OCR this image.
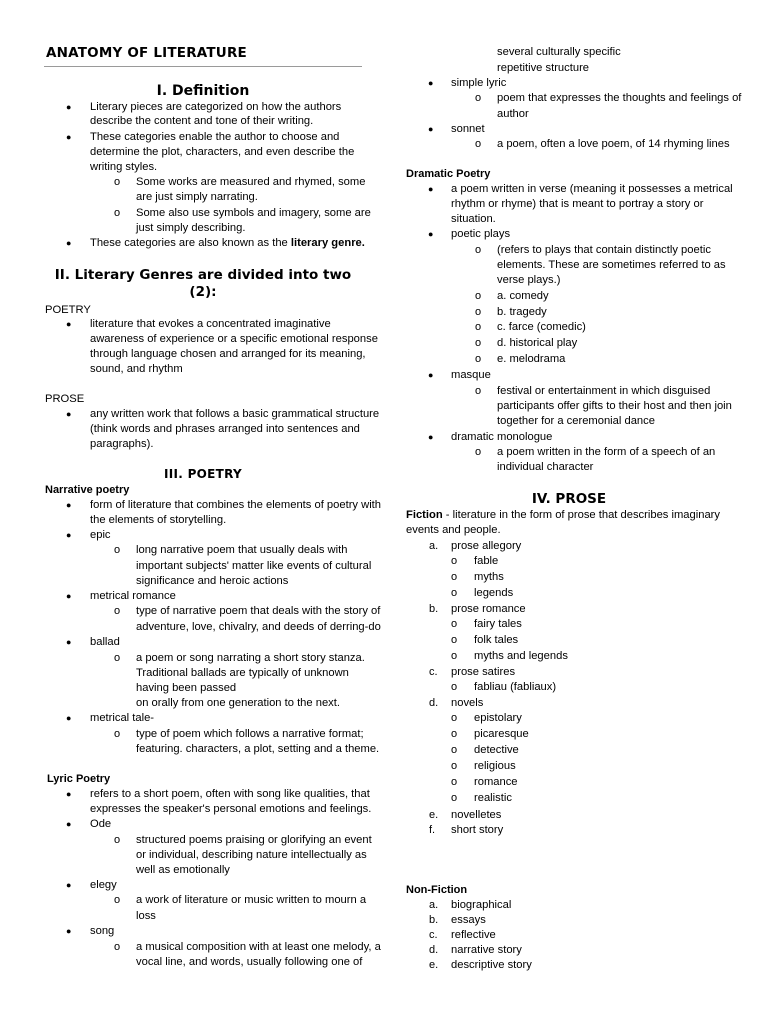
ANATOMY OF LITERATURE
I. Definition
● Literary pieces are categorized on how the authors
describe the content and tone of their writing.
● These categories enable the author to choose and
determine the plot, characters, and even describe the
writing styles.
o Some works are measured and rhymed, some
are just simply narrating.
o Some also use symbols and imagery, some are
just simply describing.
● These categories are also known as the literary genre.
II. Literary Genres are divided into two
(2):
POETRY
● literature that evokes a concentrated imaginative
awareness of experience or a specific emotional response
through language chosen and arranged for its meaning,
sound, and rhythm
PROSE
● any written work that follows a basic grammatical structure
(think words and phrases arranged into sentences and
paragraphs).
III. POETRY
Narrative poetry
● form of literature that combines the elements of poetry with
the elements of storytelling.
● epic
o long narrative poem that usually deals with
important subjects' matter like events of cultural
significance and heroic actions
● metrical romance
o type of narrative poem that deals with the story of
adventure, love, chivalry, and deeds of derring-do
● ballad
o a poem or song narrating a short story stanza.
Traditional ballads are typically of unknown
having been passed
on orally from one generation to the next.
● metrical tale-
o type of poem which follows a narrative format;
featuring. characters, a plot, setting and a theme.
Lyric Poetry
● refers to a short poem, often with song like qualities, that
expresses the speaker's personal emotions and feelings.
● Ode
o structured poems praising or glorifying an event
or individual, describing nature intellectually as
well as emotionally
● elegy
o a work of literature or music written to mourn a
loss
● song
o a musical composition with at least one melody, a
vocal line, and words, usually following one of
several culturally specific
repetitive structure
● simple lyric
o poem that expresses the thoughts and feelings of
author
● sonnet
o a poem, often a love poem, of 14 rhyming lines
Dramatic Poetry
● a poem written in verse (meaning it possesses a metrical
rhythm or rhyme) that is meant to portray a story or
situation.
● poetic plays
o (refers to plays that contain distinctly poetic
elements. These are sometimes referred to as
verse plays.)
o a. comedy
o b. tragedy
o c. farce (comedic)
o d. historical play
o e. melodrama
● masque
o festival or entertainment in which disguised
participants offer gifts to their host and then join
together for a ceremonial dance
● dramatic monologue
o a poem written in the form of a speech of an
individual character
IV. PROSE
Fiction - literature in the form of prose that describes imaginary
events and people.
a. prose allegory
o fable
o myths
o legends
b. prose romance
o fairy tales
o folk tales
o myths and legends
c. prose satires
o fabliau (fabliaux)
d. novels
o epistolary
o picaresque
o detective
o religious
o romance
o realistic
e. novelletes
f. short story
Non-Fiction
a. biographical
b. essays
c. reflective
d. narrative story
e. descriptive story
